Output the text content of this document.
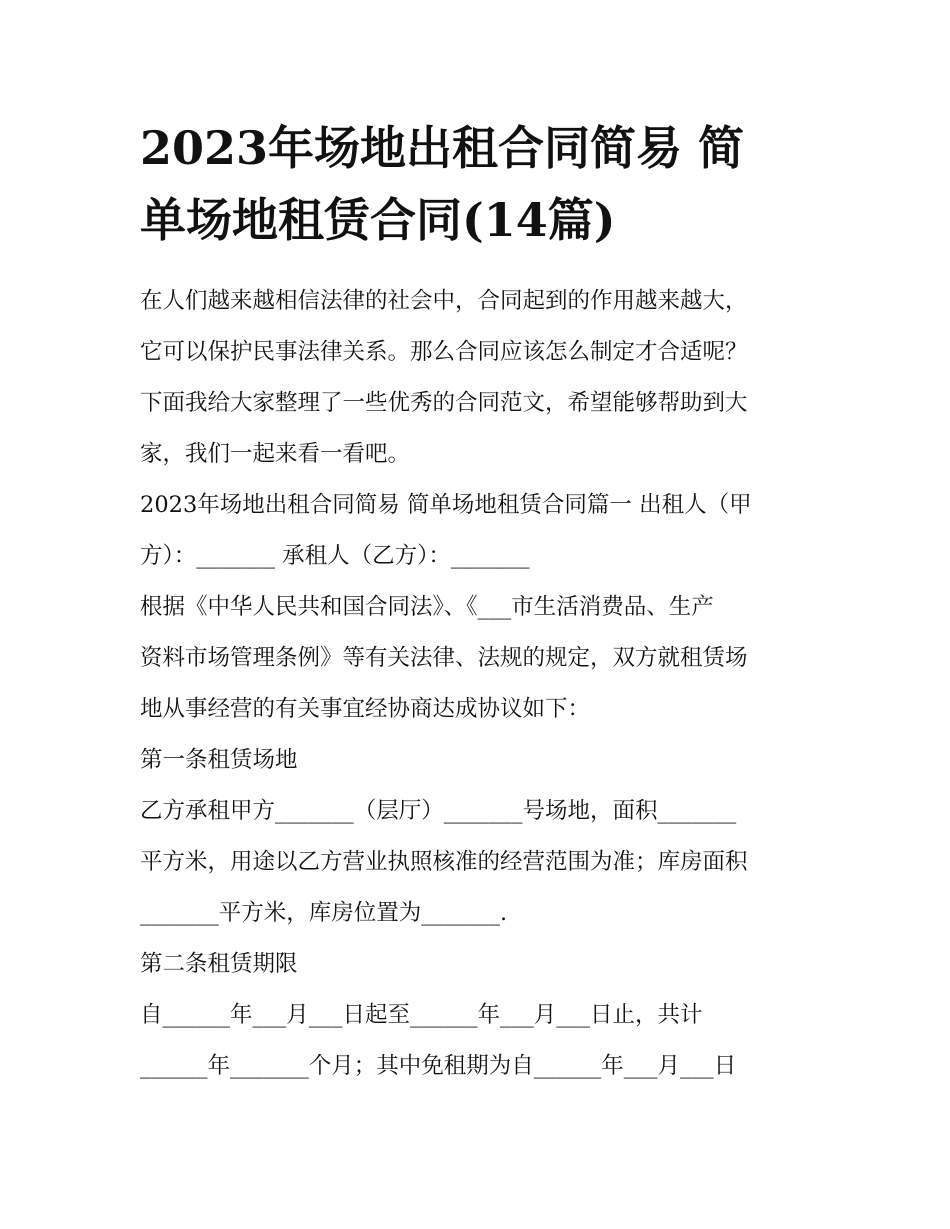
2023年场地出租合同简易 简
单场地租赁合同(14篇)
在人们越来越相信法律的社会中，合同起到的作用越来越大，
它可以保护民事法律关系。那么合同应该怎么制定才合适呢？
下面我给大家整理了一些优秀的合同范文，希望能够帮助到大
家，我们一起来看一看吧。
2023年场地出租合同简易 简单场地租赁合同篇一 出租人（甲
方）：_______ 承租人（乙方）：_______
根据《中华人民共和国合同法》、《___市生活消费品、生产
资料市场管理条例》等有关法律、法规的规定，双方就租赁场
地从事经营的有关事宜经协商达成协议如下：
第一条租赁场地
乙方承租甲方_______（层厅）_______号场地，面积_______
平方米，用途以乙方营业执照核准的经营范围为准；库房面积
_______平方米，库房位置为_______.
第二条租赁期限
自______年___月___日起至______年___月___日止，共计
______年_______个月；其中免租期为自______年___月___日
